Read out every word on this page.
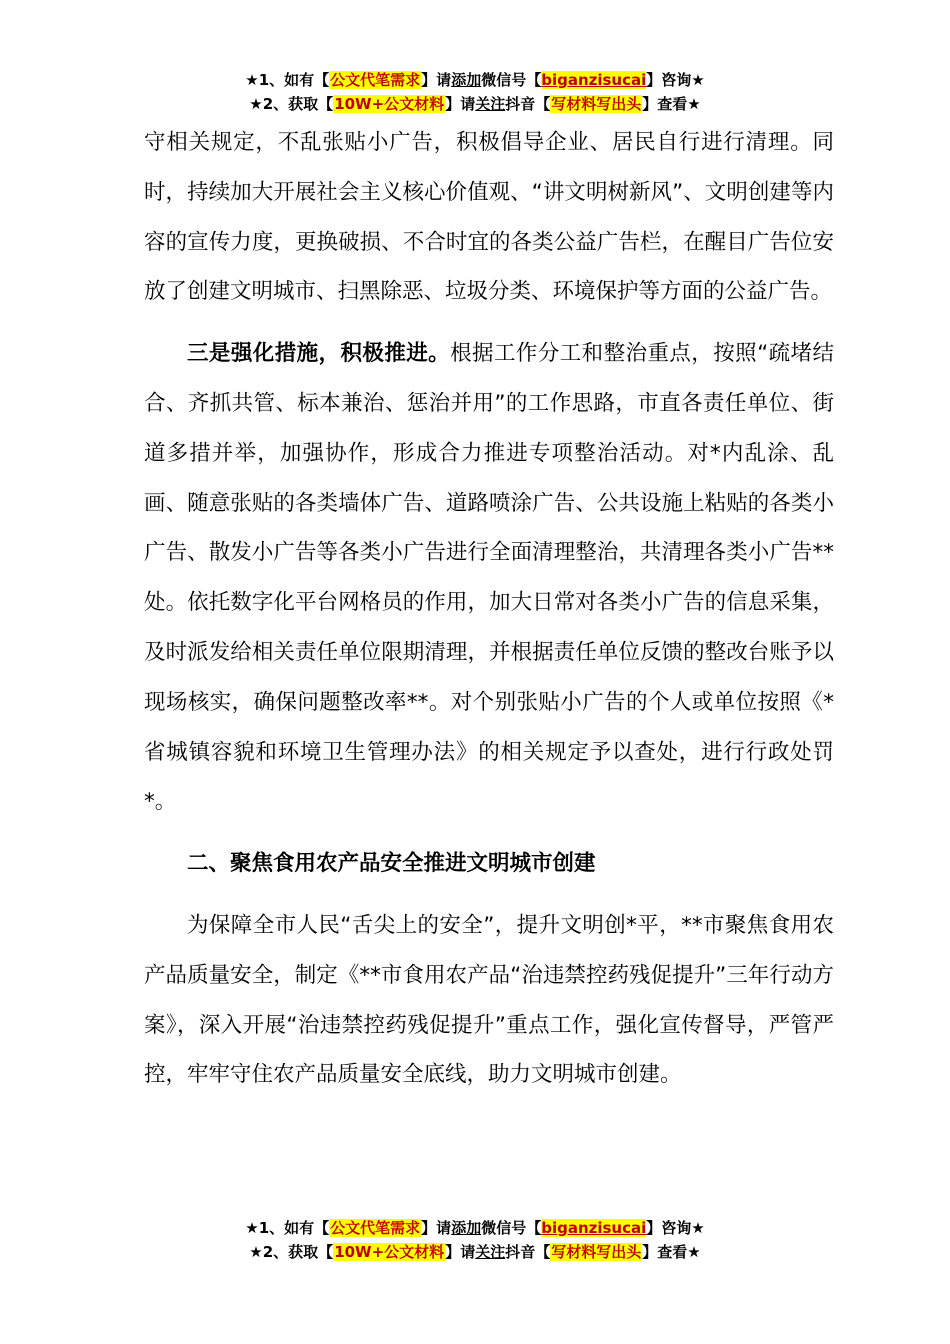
★1、如有【公文代笔需求】请添加微信号【biganzisucai】咨询★
★2、获取【10W+公文材料】请关注抖音【写材料写出头】查看★

守相关规定，不乱张贴小广告，积极倡导企业、居民自行进行清理。同时，持续加大开展社会主义核心价值观、“讲文明树新风”、文明创建等内容的宣传力度，更换破损、不合时宜的各类公益广告栏，在醒目广告位安放了创建文明城市、扫黑除恶、垃圾分类、环境保护等方面的公益广告。

三是强化措施，积极推进。根据工作分工和整治重点，按照“疏堵结合、齐抓共管、标本兼治、惩治并用”的工作思路，市直各责任单位、街道多措并举，加强协作，形成合力推进专项整治活动。对*内乱涂、乱画、随意张贴的各类墙体广告、道路喷涂广告、公共设施上粘贴的各类小广告、散发小广告等各类小广告进行全面清理整治，共清理各类小广告**处。依托数字化平台网格员的作用，加大日常对各类小广告的信息采集，及时派发给相关责任单位限期清理，并根据责任单位反馈的整改台账予以现场核实，确保问题整改率**。对个别张贴小广告的个人或单位按照《*省城镇容貌和环境卫生管理办法》的相关规定予以查处，进行行政处罚*。

二、聚焦食用农产品安全推进文明城市创建

为保障全市人民“舌尖上的安全”，提升文明创*平，**市聚焦食用农产品质量安全，制定《**市食用农产品“治违禁控药残促提升”三年行动方案》，深入开展“治违禁控药残促提升”重点工作，强化宣传督导，严管严控，牢牢守住农产品质量安全底线，助力文明城市创建。

★1、如有【公文代笔需求】请添加微信号【biganzisucai】咨询★
★2、获取【10W+公文材料】请关注抖音【写材料写出头】查看★
